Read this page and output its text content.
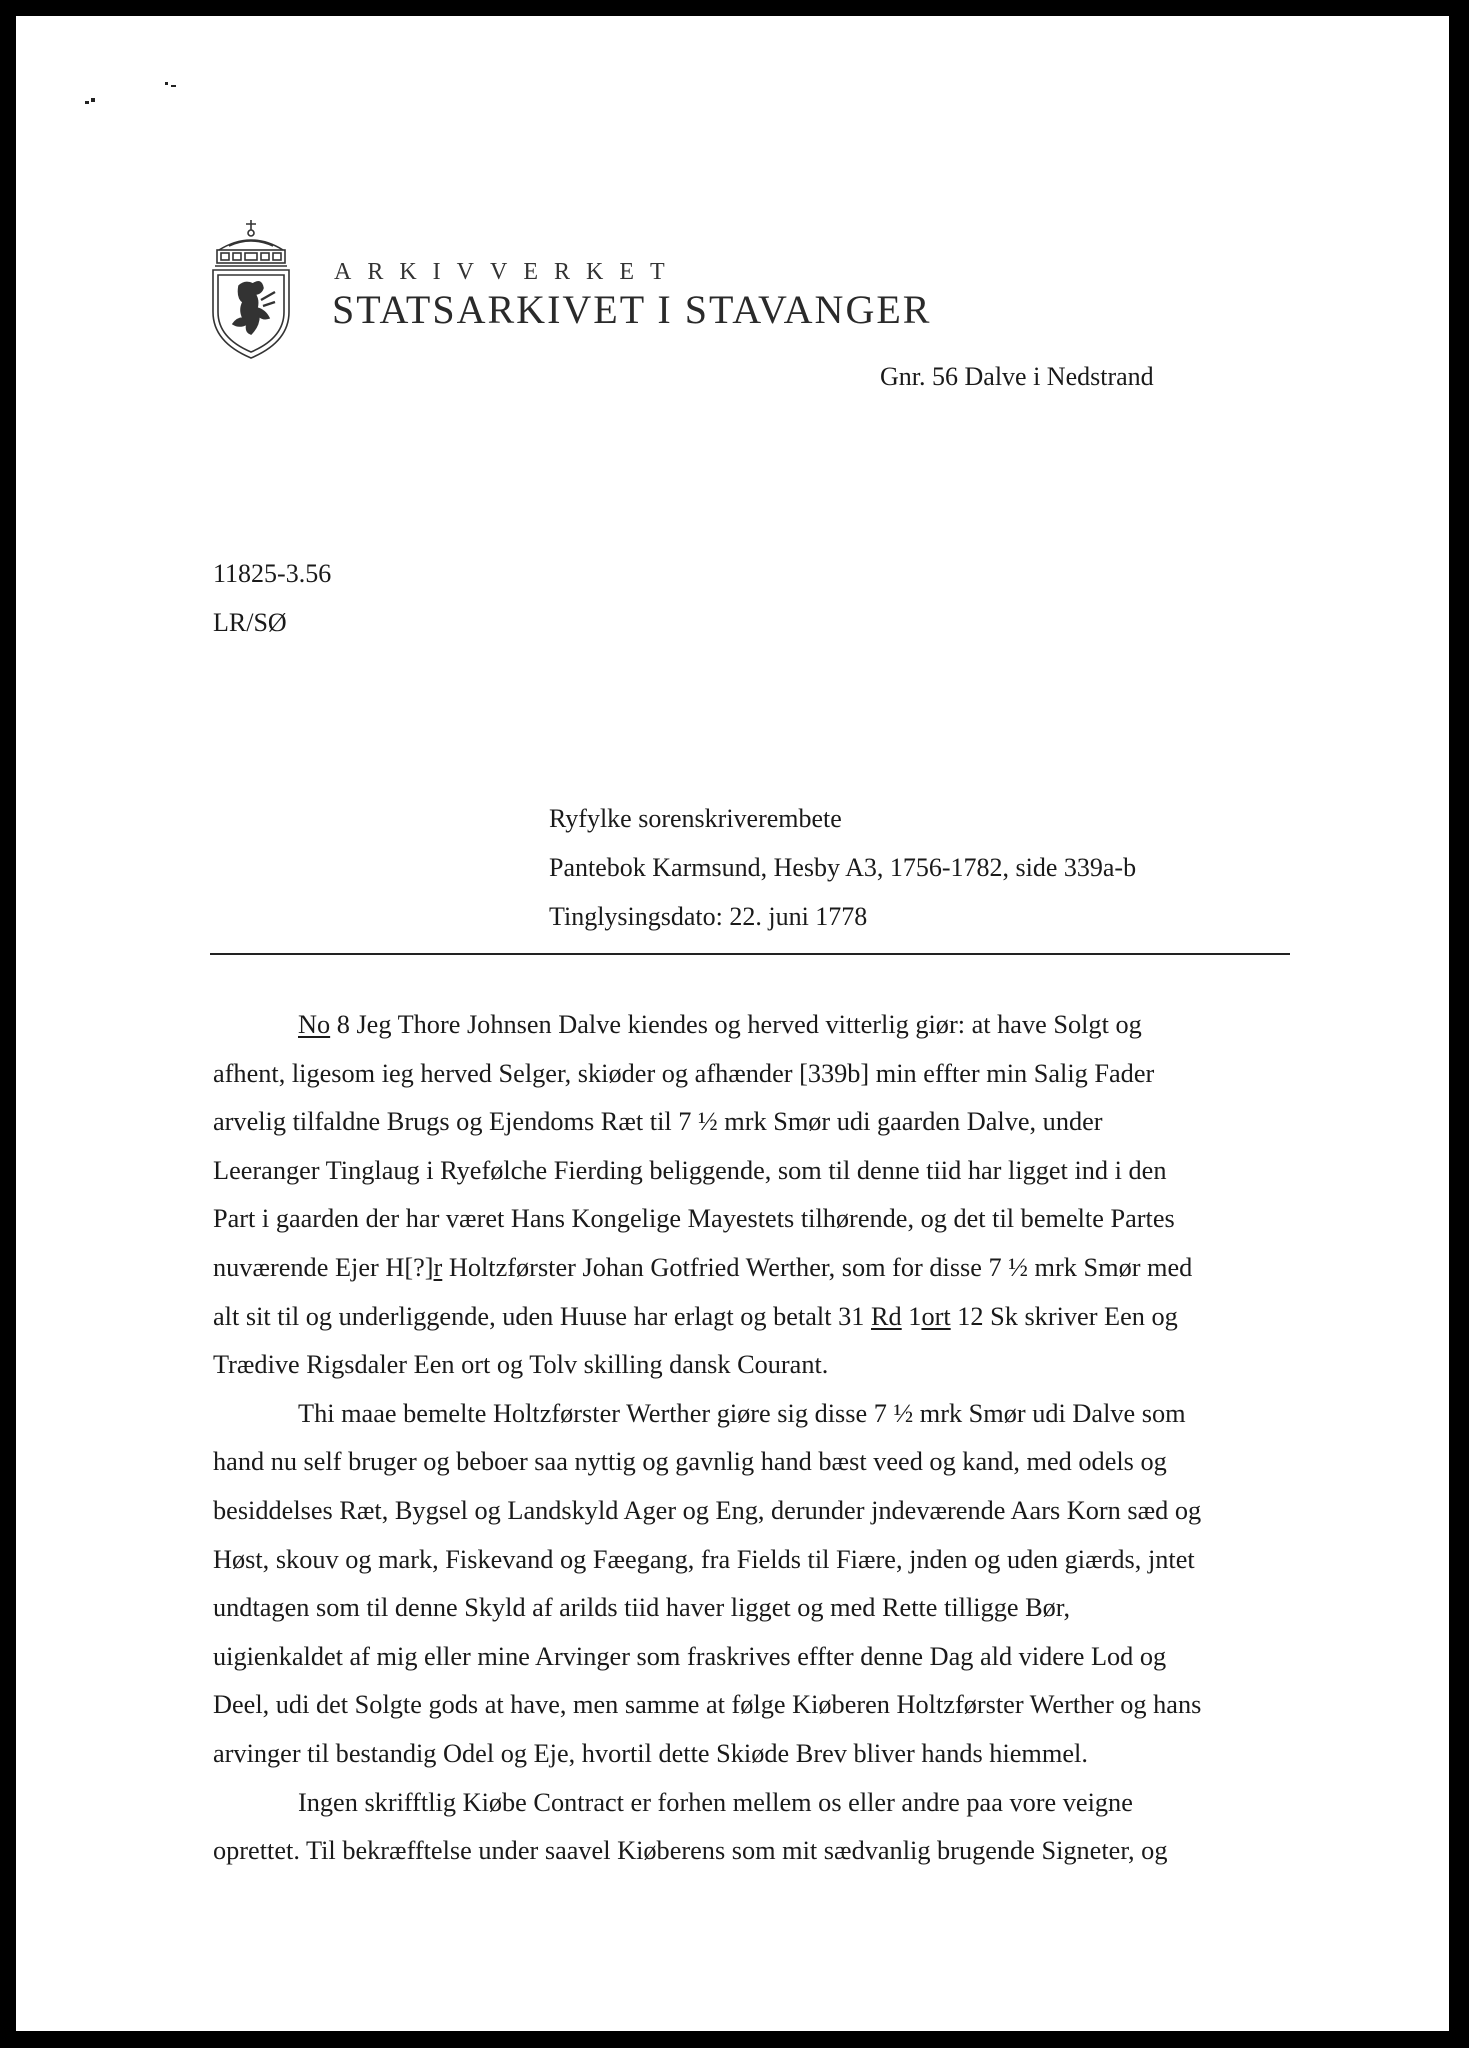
ARKIVVERKET
STATSARKIVET I STAVANGER
Gnr. 56 Dalve i Nedstrand
11825-3.56
LR/SØ
Ryfylke sorenskriverembete
Pantebok Karmsund, Hesby A3, 1756-1782, side 339a-b
Tinglysingsdato: 22. juni 1778

No 8 Jeg Thore Johnsen Dalve kiendes og herved vitterlig giør: at have Solgt og

afhent, ligesom ieg herved Selger, skiøder og afhænder [339b] min effter min Salig Fader
arvelig tilfaldne Brugs og Ejendoms Ræt til 7 ½ mrk Smør udi gaarden Dalve, under
Leeranger Tinglaug i Ryefølche Fierding beliggende, som til denne tiid har ligget ind i den
Part i gaarden der har været Hans Kongelige Mayestets tilhørende, og det til bemelte Partes
nuværende Ejer H[?]r Holtzførster Johan Gotfried Werther, som for disse 7 ½ mrk Smør med
alt sit til og underliggende, uden Huuse har erlagt og betalt 31 Rd 1ort 12 Sk skriver Een og
Trædive Rigsdaler Een ort og Tolv skilling dansk Courant.

Thi maae bemelte Holtzførster Werther giøre sig disse 7 ½ mrk Smør udi Dalve som

hand nu self bruger og beboer saa nyttig og gavnlig hand bæst veed og kand, med odels og
besiddelses Ræt, Bygsel og Landskyld Ager og Eng, derunder jndeværende Aars Korn sæd og
Høst, skouv og mark, Fiskevand og Fæegang, fra Fields til Fiære, jnden og uden giærds, jntet
undtagen som til denne Skyld af arilds tiid haver ligget og med Rette tilligge Bør,
uigienkaldet af mig eller mine Arvinger som fraskrives effter denne Dag ald videre Lod og
Deel, udi det Solgte gods at have, men samme at følge Kiøberen Holtzførster Werther og hans
arvinger til bestandig Odel og Eje, hvortil dette Skiøde Brev bliver hands hiemmel.

Ingen skrifftlig Kiøbe Contract er forhen mellem os eller andre paa vore veigne

oprettet. Til bekræfftelse under saavel Kiøberens som mit sædvanlig brugende Signeter, og
